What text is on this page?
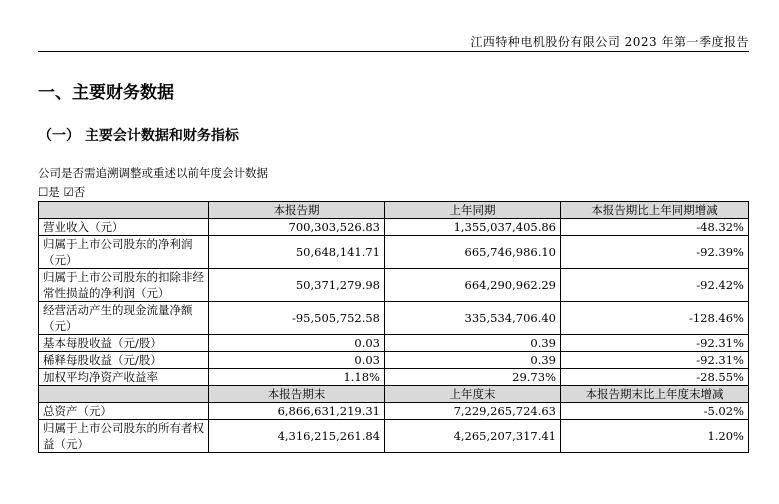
江西特种电机股份有限公司 2023 年第一季度报告
一、主要财务数据
（一） 主要会计数据和财务指标
公司是否需追溯调整或重述以前年度会计数据
☐是 ☑否
	本报告期	上年同期	本报告期比上年同期增减
营业收入（元）	700,303,526.83	1,355,037,405.86	-48.32%
归属于上市公司股东的净利润（元）	50,648,141.71	665,746,986.10	-92.39%
归属于上市公司股东的扣除非经常性损益的净利润（元）	50,371,279.98	664,290,962.29	-92.42%
经营活动产生的现金流量净额（元）	-95,505,752.58	335,534,706.40	-128.46%
基本每股收益（元/股）	0.03	0.39	-92.31%
稀释每股收益（元/股）	0.03	0.39	-92.31%
加权平均净资产收益率	1.18%	29.73%	-28.55%
	本报告期末	上年度末	本报告期末比上年度末增减
总资产（元）	6,866,631,219.31	7,229,265,724.63	-5.02%
归属于上市公司股东的所有者权益（元）	4,316,215,261.84	4,265,207,317.41	1.20%
